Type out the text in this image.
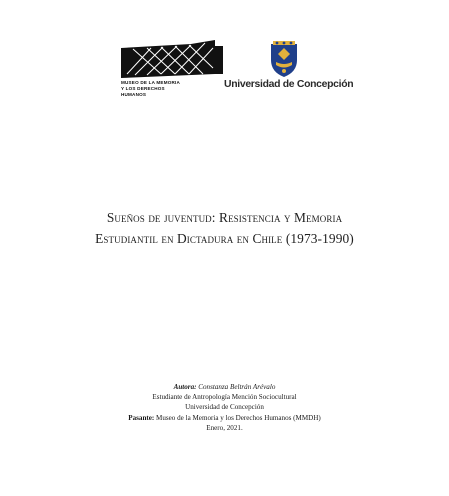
MUSEO DE LA MEMORIA
Y LOS DERECHOS
HUMANOS
Universidad de Concepción
Sueños de juventud: Resistencia y Memoria
Estudiantil en Dictadura en Chile (1973-1990)
Autora: Constanza Beltrán Arévalo
Estudiante de Antropología Mención Sociocultural
Universidad de Concepción
Pasante: Museo de la Memoria y los Derechos Humanos (MMDH)
Enero, 2021.
